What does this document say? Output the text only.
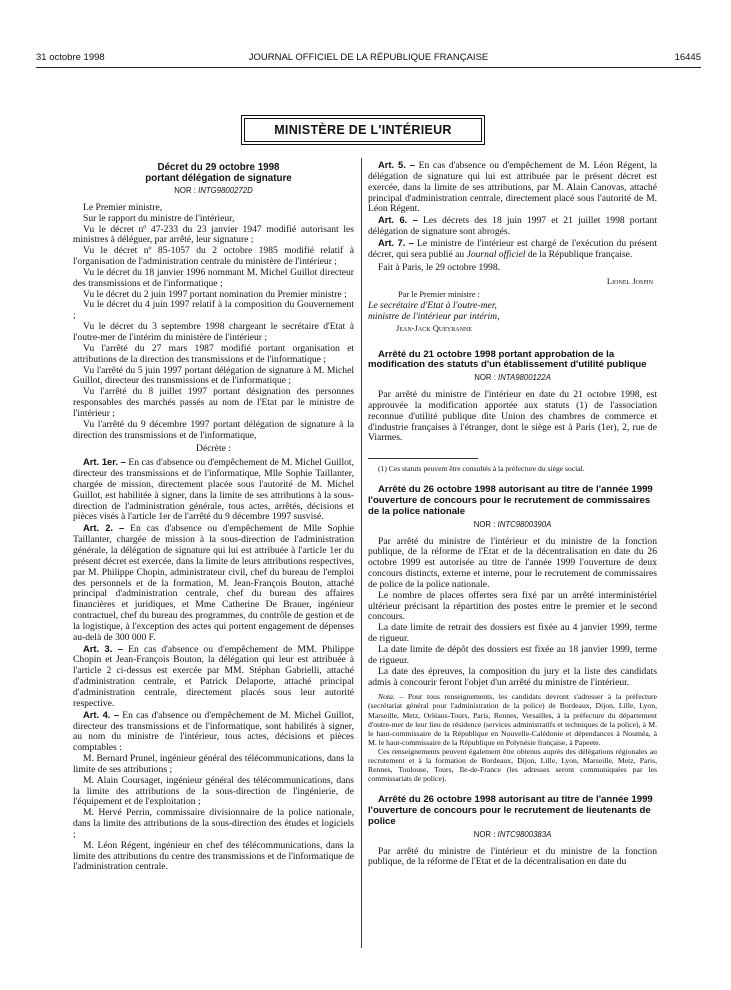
31 octobre 1998	JOURNAL OFFICIEL DE LA RÉPUBLIQUE FRANÇAISE	16445
MINISTÈRE DE L'INTÉRIEUR

Décret du 29 octobre 1998

portant délégation de signature

NOR : INTG9800272D

Le Premier ministre,

Sur le rapport du ministre de l'intérieur,

Vu le décret nº 47-233 du 23 janvier 1947 modifié autorisant les ministres à déléguer, par arrêté, leur signature ;

Vu le décret nº 85-1057 du 2 octobre 1985 modifié relatif à l'organisation de l'administration centrale du ministère de l'intérieur ;

Vu le décret du 18 janvier 1996 nommant M. Michel Guillot directeur des transmissions et de l'informatique ;

Vu le décret du 2 juin 1997 portant nomination du Premier ministre ;

Vu le décret du 4 juin 1997 relatif à la composition du Gouvernement ;

Vu le décret du 3 septembre 1998 chargeant le secrétaire d'Etat à l'outre-mer de l'intérim du ministère de l'intérieur ;

Vu l'arrêté du 27 mars 1987 modifié portant organisation et attributions de la direction des transmissions et de l'informatique ;

Vu l'arrêté du 5 juin 1997 portant délégation de signature à M. Michel Guillot, directeur des transmissions et de l'informatique ;

Vu l'arrêté du 8 juillet 1997 portant désignation des personnes responsables des marchés passés au nom de l'Etat par le ministre de l'intérieur ;

Vu l'arrêté du 9 décembre 1997 portant délégation de signature à la direction des transmissions et de l'informatique,

Décrète :

Art. 1er. – En cas d'absence ou d'empêchement de M. Michel Guillot, directeur des transmissions et de l'informatique, Mlle Sophie Taillanter, chargée de mission, directement placée sous l'autorité de M. Michel Guillot, est habilitée à signer, dans la limite de ses attributions à la sous-direction de l'administration générale, tous actes, arrêtés, décisions et pièces visés à l'article 1er de l'arrêté du 9 décembre 1997 susvisé.

Art. 2. – En cas d'absence ou d'empêchement de Mlle Sophie Taillanter, chargée de mission à la sous-direction de l'administration générale, la délégation de signature qui lui est attribuée à l'article 1er du présent décret est exercée, dans la limite de leurs attributions respectives, par M. Philippe Chopin, administrateur civil, chef du bureau de l'emploi des personnels et de la formation, M. Jean-François Bouton, attaché principal d'administration centrale, chef du bureau des affaires financières et juridiques, et Mme Catherine De Brauer, ingénieur contractuel, chef du bureau des programmes, du contrôle de gestion et de la logistique, à l'exception des actes qui portent engagement de dépenses au-delà de 300 000 F.

Art. 3. – En cas d'absence ou d'empêchement de MM. Philippe Chopin et Jean-François Bouton, la délégation qui leur est attribuée à l'article 2 ci-dessus est exercée par MM. Stéphan Gabrielli, attaché d'administration centrale, et Patrick Delaporte, attaché principal d'administration centrale, directement placés sous leur autorité respective.

Art. 4. – En cas d'absence ou d'empêchement de M. Michel Guillot, directeur des transmissions et de l'informatique, sont habilités à signer, au nom du ministre de l'intérieur, tous actes, décisions et pièces comptables :

M. Bernard Prunel, ingénieur général des télécommunications, dans la limite de ses attributions ;

M. Alain Coursaget, ingénieur général des télécommunications, dans la limite des attributions de la sous-direction de l'ingénierie, de l'équipement et de l'exploitation ;

M. Hervé Perrin, commissaire divisionnaire de la police nationale, dans la limite des attributions de la sous-direction des études et logiciels ;

M. Léon Régent, ingénieur en chef des télécommunications, dans la limite des attributions du centre des transmissions et de l'informatique de l'administration centrale.

Art. 5. – En cas d'absence ou d'empêchement de M. Léon Régent, la délégation de signature qui lui est attribuée par le présent décret est exercée, dans la limite de ses attributions, par M. Alain Canovas, attaché principal d'administration centrale, directement placé sous l'autorité de M. Léon Régent.

Art. 6. – Les décrets des 18 juin 1997 et 21 juillet 1998 portant délégation de signature sont abrogés.

Art. 7. – Le ministre de l'intérieur est chargé de l'exécution du présent décret, qui sera publié au Journal officiel de la République française.

Fait à Paris, le 29 octobre 1998.

Lionel Jospin

Par le Premier ministre :

Le secrétaire d'Etat à l'outre-mer,

ministre de l'intérieur par intérim,

Jean-Jack Queyranne

Arrêté du 21 octobre 1998 portant approbation de la modification des statuts d'un établissement d'utilité publique

NOR : INTA9800122A

Par arrêté du ministre de l'intérieur en date du 21 octobre 1998, est approuvée la modification apportée aux statuts (1) de l'association reconnue d'utilité publique dite Union des chambres de commerce et d'industrie françaises à l'étranger, dont le siège est à Paris (1er), 2, rue de Viarmes.

(1) Ces statuts peuvent être consultés à la préfecture du siège social.

Arrêté du 26 octobre 1998 autorisant au titre de l'année 1999 l'ouverture de concours pour le recrutement de commissaires de la police nationale

NOR : INTC9800390A

Par arrêté du ministre de l'intérieur et du ministre de la fonction publique, de la réforme de l'Etat et de la décentralisation en date du 26 octobre 1999 est autorisée au titre de l'année 1999 l'ouverture de deux concours distincts, externe et interne, pour le recrutement de commissaires de police de la police nationale.

Le nombre de places offertes sera fixé par un arrêté interministériel ultérieur précisant la répartition des postes entre le premier et le second concours.

La date limite de retrait des dossiers est fixée au 4 janvier 1999, terme de rigueur.

La date limite de dépôt des dossiers est fixée au 18 janvier 1999, terme de rigueur.

La date des épreuves, la composition du jury et la liste des candidats admis à concourir feront l'objet d'un arrêté du ministre de l'intérieur.

Nota. – Pour tous renseignements, les candidats devront s'adresser à la préfecture (secrétariat général pour l'administration de la police) de Bordeaux, Dijon, Lille, Lyon, Marseille, Metz, Orléans-Tours, Paris, Rennes, Versailles, à la préfecture du département d'outre-mer de leur lieu de résidence (services administratifs et techniques de la police), à M. le haut-commissaire de la République en Nouvelle-Calédonie et dépendances à Nouméa, à M. le haut-commissaire de la République en Polynésie française, à Papeete.

Ces renseignements peuvent également être obtenus auprès des délégations régionales au recrutement et à la formation de Bordeaux, Dijon, Lille, Lyon, Marseille, Metz, Paris, Rennes, Toulouse, Tours, Ile-de-France (les adresses seront communiquées par les commissariats de police).

Arrêté du 26 octobre 1998 autorisant au titre de l'année 1999 l'ouverture de concours pour le recrutement de lieutenants de police

NOR : INTC9800383A

Par arrêté du ministre de l'intérieur et du ministre de la fonction publique, de la réforme de l'Etat et de la décentralisation en date du
